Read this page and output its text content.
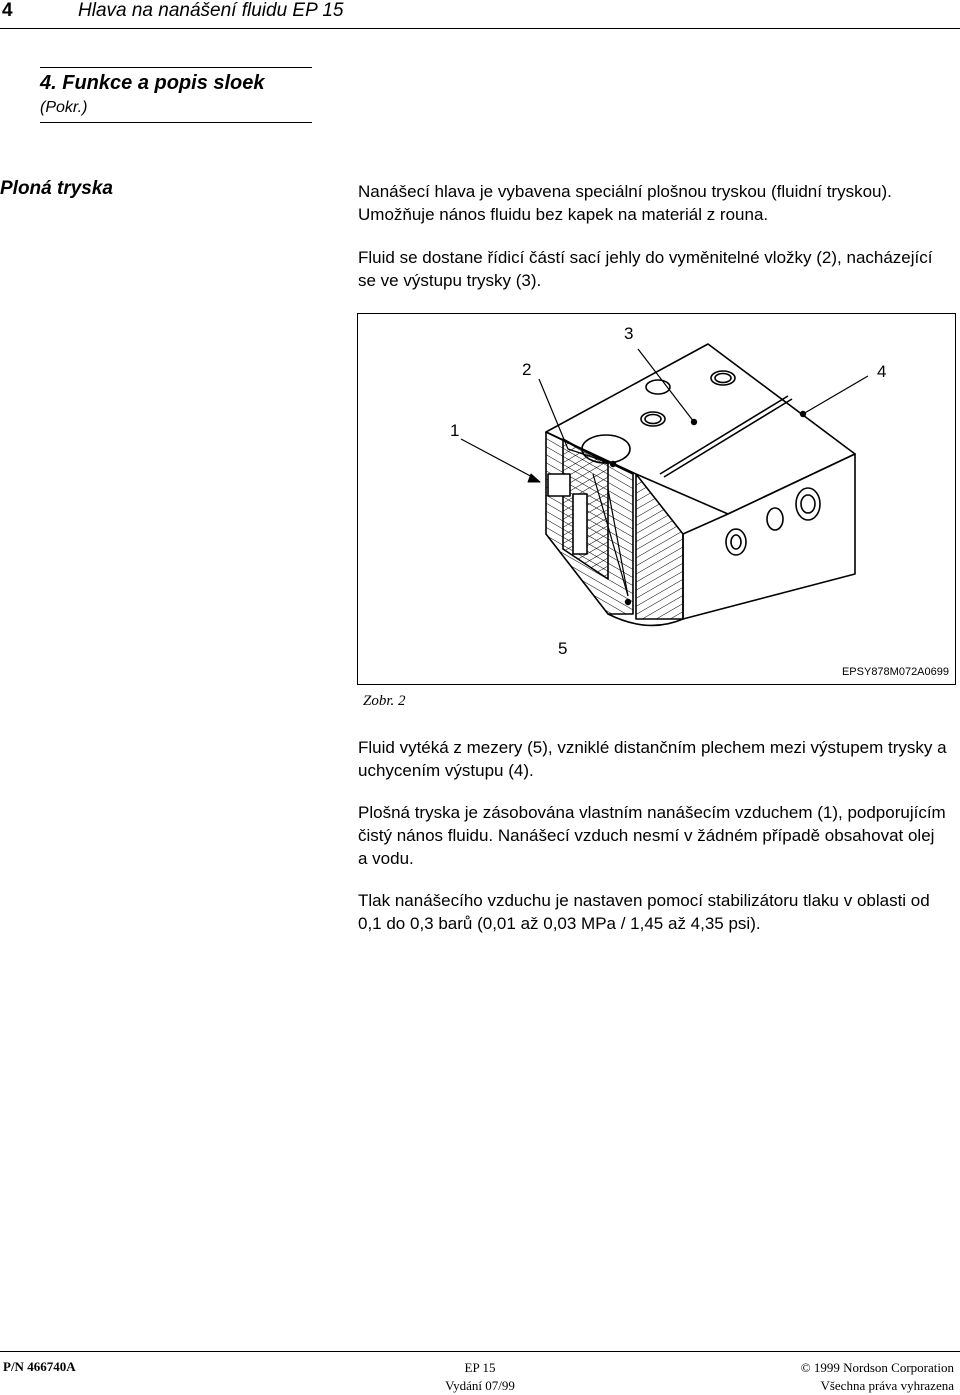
4	Hlava na nanášení fluidu EP 15
4. Funkce a popis sloek
(Pokr.)
Ploná tryska	Nanášecí hlava je vybavena speciální plošnou tryskou (fluidní tryskou). Umožňuje nános fluidu bez kapek na materiál z rouna.

Fluid se dostane řídicí částí sací jehly do vyměnitelné vložky (2), nacházející se ve výstupu trysky (3).

1
2
3
4
5
EPSY878M072A0699
Zobr. 2

Fluid vytéká z mezery (5), vzniklé distančním plechem mezi výstupem trysky a uchycením výstupu (4).

Plošná tryska je zásobována vlastním nanášecím vzduchem (1), podporujícím čistý nános fluidu. Nanášecí vzduch nesmí v žádném případě obsahovat olej a vodu.

Tlak nanášecího vzduchu je nastaven pomocí stabilizátoru tlaku v oblasti od 0,1 do 0,3 barů (0,01 až 0,03 MPa / 1,45 až 4,35 psi).

P/N 466740A	EP 15
Vydání 07/99
© 1999 Nordson Corporation
Všechna práva vyhrazena
